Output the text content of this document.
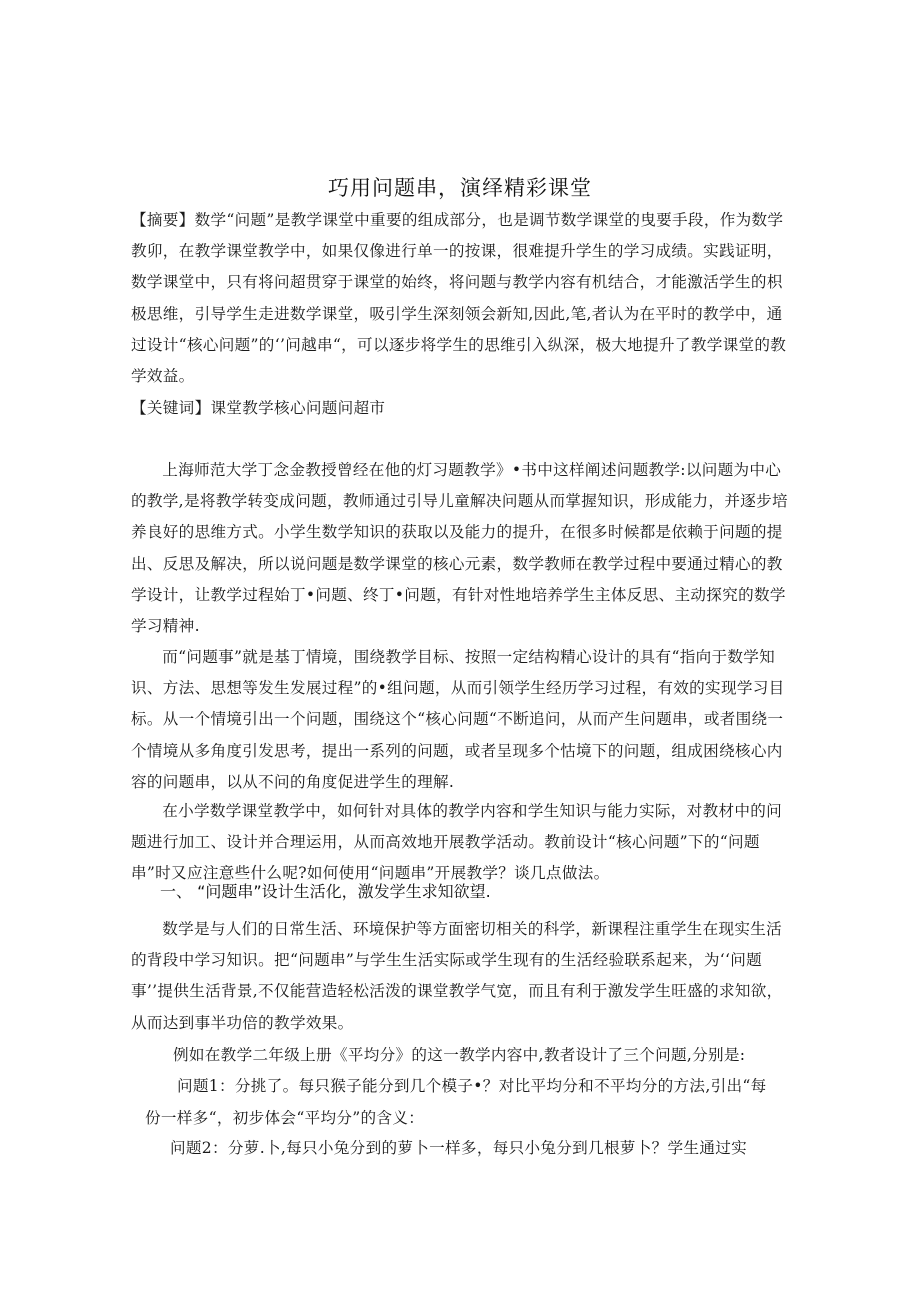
巧用问题串，演绎精彩课堂
【摘要】数学“问题”是教学课堂中重要的组成部分，也是调节数学课堂的曳要手段，作为数学教卯，在教学课堂教学中，如果仅像进行单一的按课，很难提升学生的学习成绩。实践证明，数学课堂中，只有将问超贯穿于课堂的始终，将问题与教学内容有机结合，才能激活学生的枳极思维，引导学生走进数学课堂，吸引学生深刻领会新知,因此,笔,者认为在平时的教学中，通过设计“核心问题”的‘’问越串“，可以逐步将学生的思维引入纵深，极大地提升了教学课堂的教学效益。
【关键词】课堂教学核心问题问超市
上海师范大学丁念金教授曾经在他的灯习题教学》•书中这样阐述问题教学:以问题为中心的教学,是将教学转变成问题，教师通过引导儿童解决问题从而掌握知识，形成能力，并逐步培养良好的思维方式。小学生数学知识的获取以及能力的提升，在很多时候都是依赖于问题的提出、反思及解决，所以说问题是数学课堂的核心元素，数学教师在教学过程中要通过精心的教学设计，让教学过程始丁•问题、终丁•问题，有针对性地培养学生主体反思、主动探究的数学学习精神.
而“问题事”就是基丁情境，围绕教学目标、按照一定结构精心设计的具有“指向于数学知识、方法、思想等发生发展过程”的•组问题，从而引领学生经历学习过程，有效的实现学习目标。从一个情境引出一个问题，围绕这个“核心问题“不断追问，从而产生问题串，或者围绕一个情境从多角度引发思考，提出一系列的问题，或者呈现多个怙境下的问题，组成困绕核心内容的问题串，以从不问的角度促进学生的理解.
在小学数学课堂教学中，如何针对具体的教学内容和学生知识与能力实际，对教材中的问题进行加工、设计并合理运用，从而高效地开展教学活动。教前设计“核心问题”下的“问题串”时又应注意些什么呢?如何使用“问题串”开展教学？谈几点做法。
一、 “问题串”设计生活化，激发学生求知欲望.
数学是与人们的日常生活、环境保护等方面密切相关的科学，新课程注重学生在现实生活的背段中学习知识。把“问题串”与学生生活实际或学生现有的生活经验联系起来，为‘‘问题事’’提供生活背景,不仅能营造轻松活泼的课堂教学气宽，而且有利于激发学生旺盛的求知欲，从而达到事半功倍的教学效果。
例如在教学二年级上册《平均分》的这一教学内容中,教者设计了三个问题,分别是:
问题1：分挑了。每只猴子能分到几个模子•？对比平均分和不平均分的方法,引出“每
份一样多“，初步体会“平均分”的含义：
问题2：分萝.卜,每只小兔分到的萝卜一样多，每只小兔分到几根萝卜？学生通过实
